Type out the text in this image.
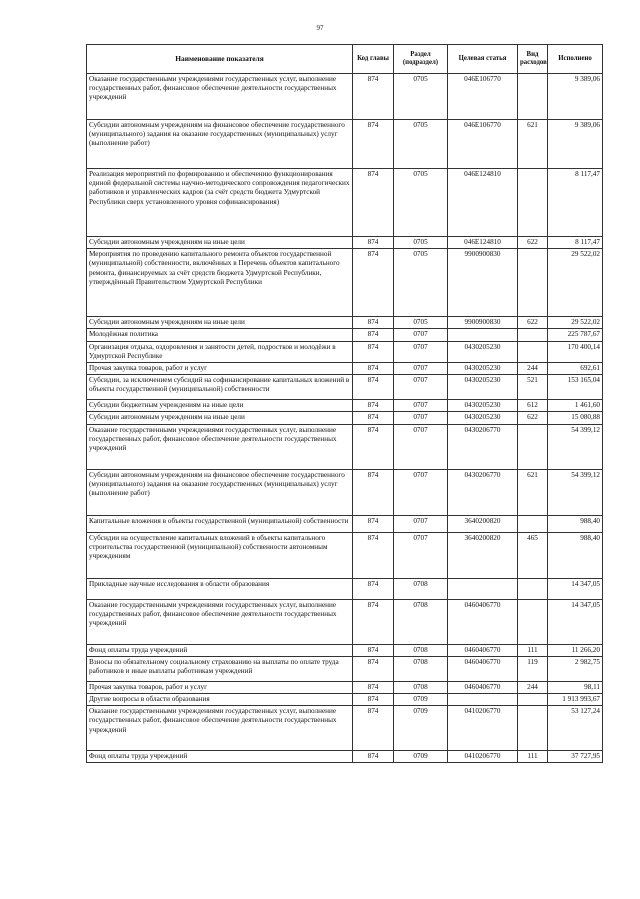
97
Наименование показателя	Код главы	Раздел (подраздел)	Целевая статья	Вид расходов	Исполнено
Оказание государственными учреждениями государственных услуг, выполнение государственных работ, финансовое обеспечение деятельности государственных учреждений	874	0705	046Е106770		9 389,06
Субсидии автономным учреждениям на финансовое обеспечение государственного (муниципального) задания на оказание государственных (муниципальных) услуг (выполнение работ)	874	0705	046Е106770	621	9 389,06
Реализация мероприятий по формированию и обеспечению функционирования единой федеральной системы научно-методического сопровождения педагогических работников и управленческих кадров (за счёт средств бюджета Удмуртской Республики сверх установленного уровня софинансирования)	874	0705	046Е124810		8 117,47
Субсидии автономным учреждениям на иные цели	874	0705	046Е124810	622	8 117,47
Мероприятия по проведению капитального ремонта объектов государственной (муниципальной) собственности, включённых в Перечень объектов капитального ремонта, финансируемых за счёт средств бюджета Удмуртской Республики, утверждённый Правительством Удмуртской Республики	874	0705	9900900830		29 522,02
Субсидии автономным учреждениям на иные цели	874	0705	9900900830	622	29 522,02
Молодёжная политика	874	0707			225 787,67
Организация отдыха, оздоровления и занятости детей, подростков и молодёжи в Удмуртской Республике	874	0707	0430205230		170 400,14
Прочая закупка товаров, работ и услуг	874	0707	0430205230	244	692,61
Субсидии, за исключением субсидий на софинансирование капитальных вложений в объекты государственной (муниципальной) собственности	874	0707	0430205230	521	153 165,04
Субсидии бюджетным учреждениям на иные цели	874	0707	0430205230	612	1 461,60
Субсидии автономным учреждениям на иные цели	874	0707	0430205230	622	15 080,88
Оказание государственными учреждениями государственных услуг, выполнение государственных работ, финансовое обеспечение деятельности государственных учреждений	874	0707	0430206770		54 399,12
Субсидии автономным учреждениям на финансовое обеспечение государственного (муниципального) задания на оказание государственных (муниципальных) услуг (выполнение работ)	874	0707	0430206770	621	54 399,12
Капитальные вложения в объекты государственной (муниципальной) собственности	874	0707	3640200820		988,40
Субсидии на осуществление капитальных вложений в объекты капитального строительства государственной (муниципальной) собственности автономным учреждениям	874	0707	3640200820	465	988,40
Прикладные научные исследования в области образования	874	0708			14 347,05
Оказание государственными учреждениями государственных услуг, выполнение государственных работ, финансовое обеспечение деятельности государственных учреждений	874	0708	0460406770		14 347,05
Фонд оплаты труда учреждений	874	0708	0460406770	111	11 266,20
Взносы по обязательному социальному страхованию на выплаты по оплате труда работников и иные выплаты работникам учреждений	874	0708	0460406770	119	2 982,75
Прочая закупка товаров, работ и услуг	874	0708	0460406770	244	98,11
Другие вопросы в области образования	874	0709			1 913 993,67
Оказание государственными учреждениями государственных услуг, выполнение государственных работ, финансовое обеспечение деятельности государственных учреждений	874	0709	0410206770		53 127,24
Фонд оплаты труда учреждений	874	0709	0410206770	111	37 727,95
